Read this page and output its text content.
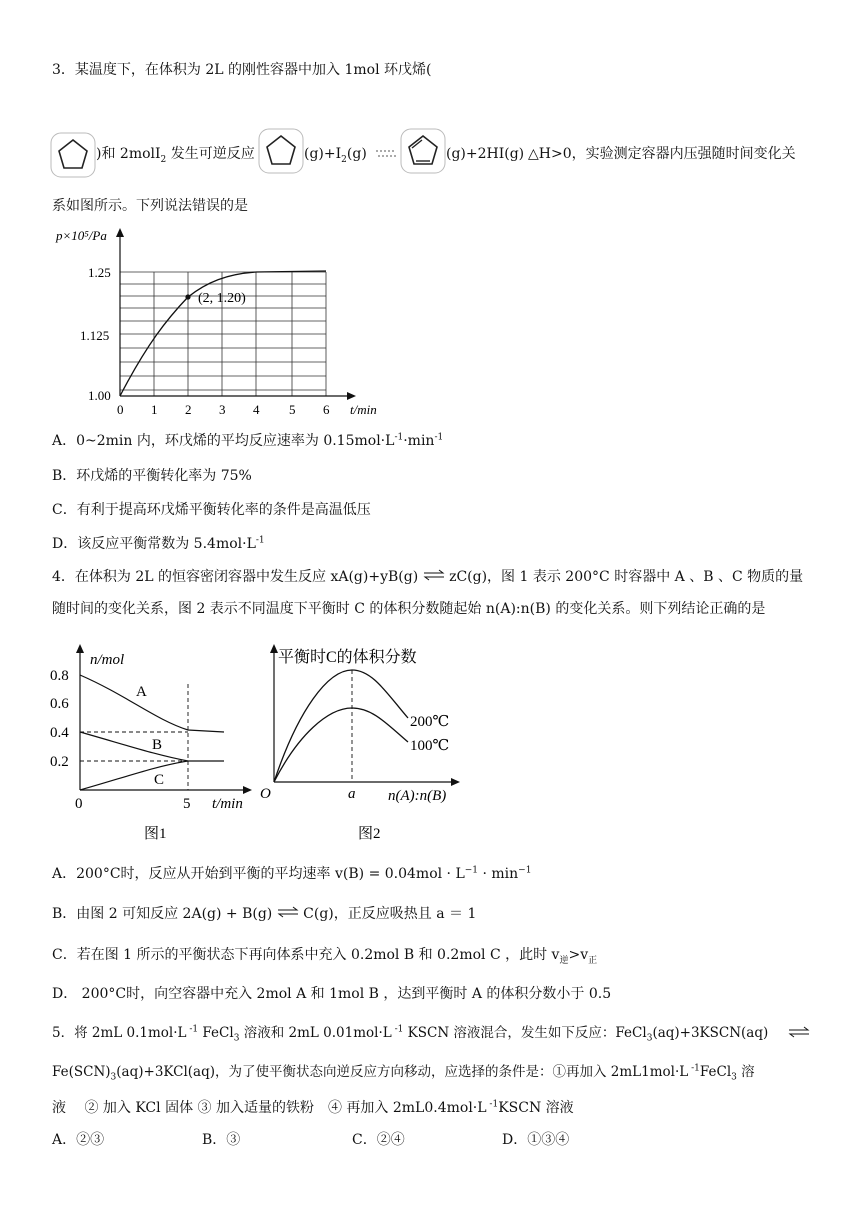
3．某温度下，在体积为 2L 的刚性容器中加入 1mol 环戊烯(
)和 2molI$_2$ 发生可逆反应	$(g)+I_2(g)$	(g)+2HI(g) △H>0，实验测定容器内压强随时间变化关
系如图所示。下列说法错误的是
(2, 1.20)
p×10⁵/Pa
1.25
1.125
1.00
0 1 2 3 4 5 6 t/min
A．0~2min 内，环戊烯的平均反应速率为 $0.15mol\cdot L^{-1}\cdot\min^{-1}$
B．环戊烯的平衡转化率为 75%
C．有利于提高环戊烯平衡转化率的条件是高温低压
D．该反应平衡常数为 $5.4mol\cdot L^{-1}$
4．在体积为 2L 的恒容密闭容器中发生反应 xA(g)+yB(g) ⇌ zC(g)，图 1 表示 200°C 时容器中 A 、B 、C 物质的量
随时间的变化关系，图 2 表示不同温度下平衡时 C 的体积分数随起始 n(A):n(B) 的变化关系。则下列结论正确的是
n/mol
0.8
0.6
0.4
0.2
0	5 t/min
A
B
C
图1
平衡时C的体积分数
O	a n(A):n(B)
200℃
100℃
图2
A．200°C时，反应从开始到平衡的平均速率 $v(B) = 0.04mol \cdot L^{-1} \cdot \min^{-1}$
B．由图 2 可知反应 2A(g) + B(g) ⇌ C(g)，正反应吸热且 a ＝ 1
C．若在图 1 所示的平衡状态下再向体系中充入 0.2mol B 和 0.2mol C ，此时 $v_逆>v_正$
D． 200°C时，向空容器中充入 2mol A 和 1mol B ，达到平衡时 A 的体积分数小于 0.5
5．将 2mL 0.1mol·L $^{-1}$ FeCl$_3$ 溶液和 2mL 0.01mol·L $^{-1}$ KSCN 溶液混合，发生如下反应：FeCl$_3$(aq)+3KSCN(aq) ⇌
$Fe(SCN)_3(aq)+3KCl(aq)$，为了使平衡状态向逆反应方向移动，应选择的条件是：①再加入 2mL1mol·L $^{-1}$FeCl$_3$ 溶
液　 ② 加入 KCl 固体 ③ 加入适量的铁粉　④ 再加入 2mL0.4mol·L $^{-1}$KSCN 溶液
A．②③	B．③	C．②④	D．①③④
